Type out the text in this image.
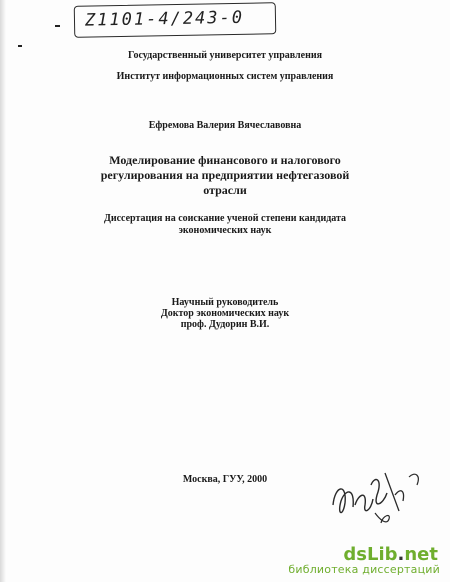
Z1101-4/243-0
Государственный университет управления
Институт информационных систем управления
Ефремова Валерия Вячеславовна
Моделирование финансового и налогового
регулирования на предприятии нефтегазовой
отрасли
Диссертация на соискание ученой степени кандидата
экономических наук
Научный руководитель
Доктор экономических наук
проф. Дудорин В.И.
Москва, ГУУ, 2000
dsLib.net
библиотека диссертаций
